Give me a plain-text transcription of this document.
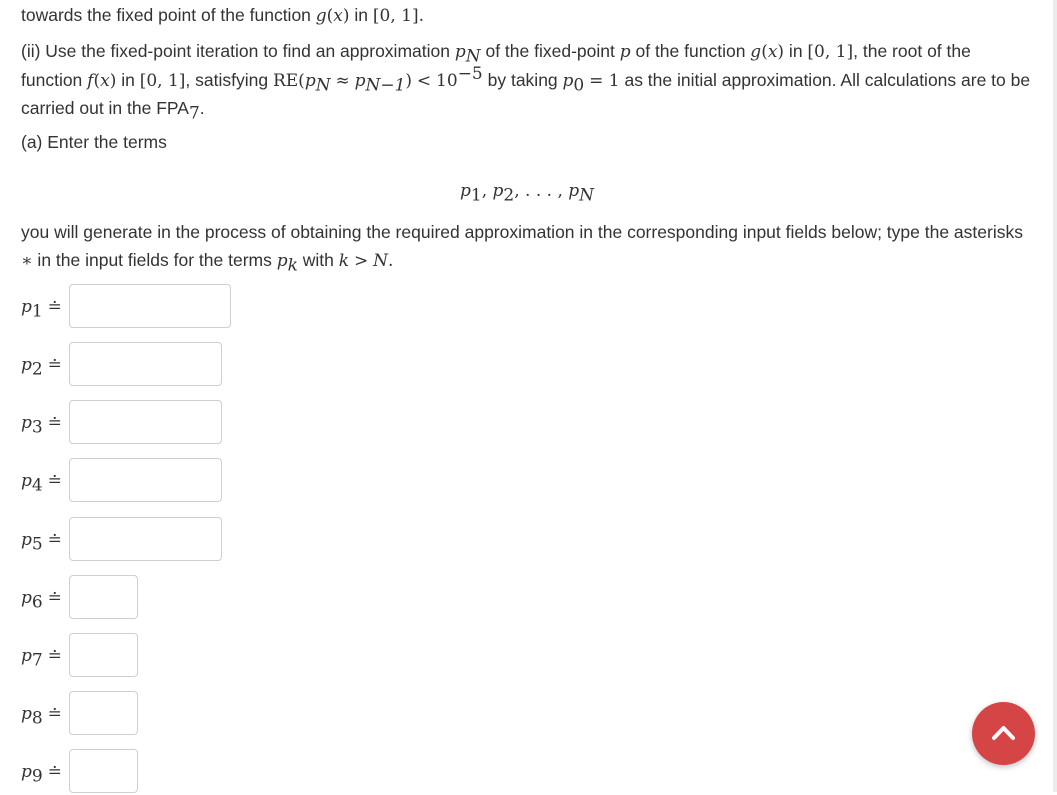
towards the fixed point of the function g(x) in [0, 1].

(ii) Use the fixed-point iteration to find an approximation $p_N$ of the fixed-point p of the function g(x) in [0, 1], the root of the function f(x) in [0, 1], satisfying $RE(p_N \approx p_{N-1}) < 10^{-5}$ by taking $p_0 = 1$ as the initial approximation. All calculations are to be carried out in the $FPA_7$.

(a) Enter the terms

$p_1$, $p_2$, . . . , $p_N$

you will generate in the process of obtaining the required approximation in the corresponding input fields below; type the asterisks ∗ in the input fields for the terms $p_k$ with k > N.

$p_1$ ≐
$p_2$ ≐
$p_3$ ≐
$p_4$ ≐
$p_5$ ≐
$p_6$ ≐
$p_7$ ≐
$p_8$ ≐
$p_9$ ≐
